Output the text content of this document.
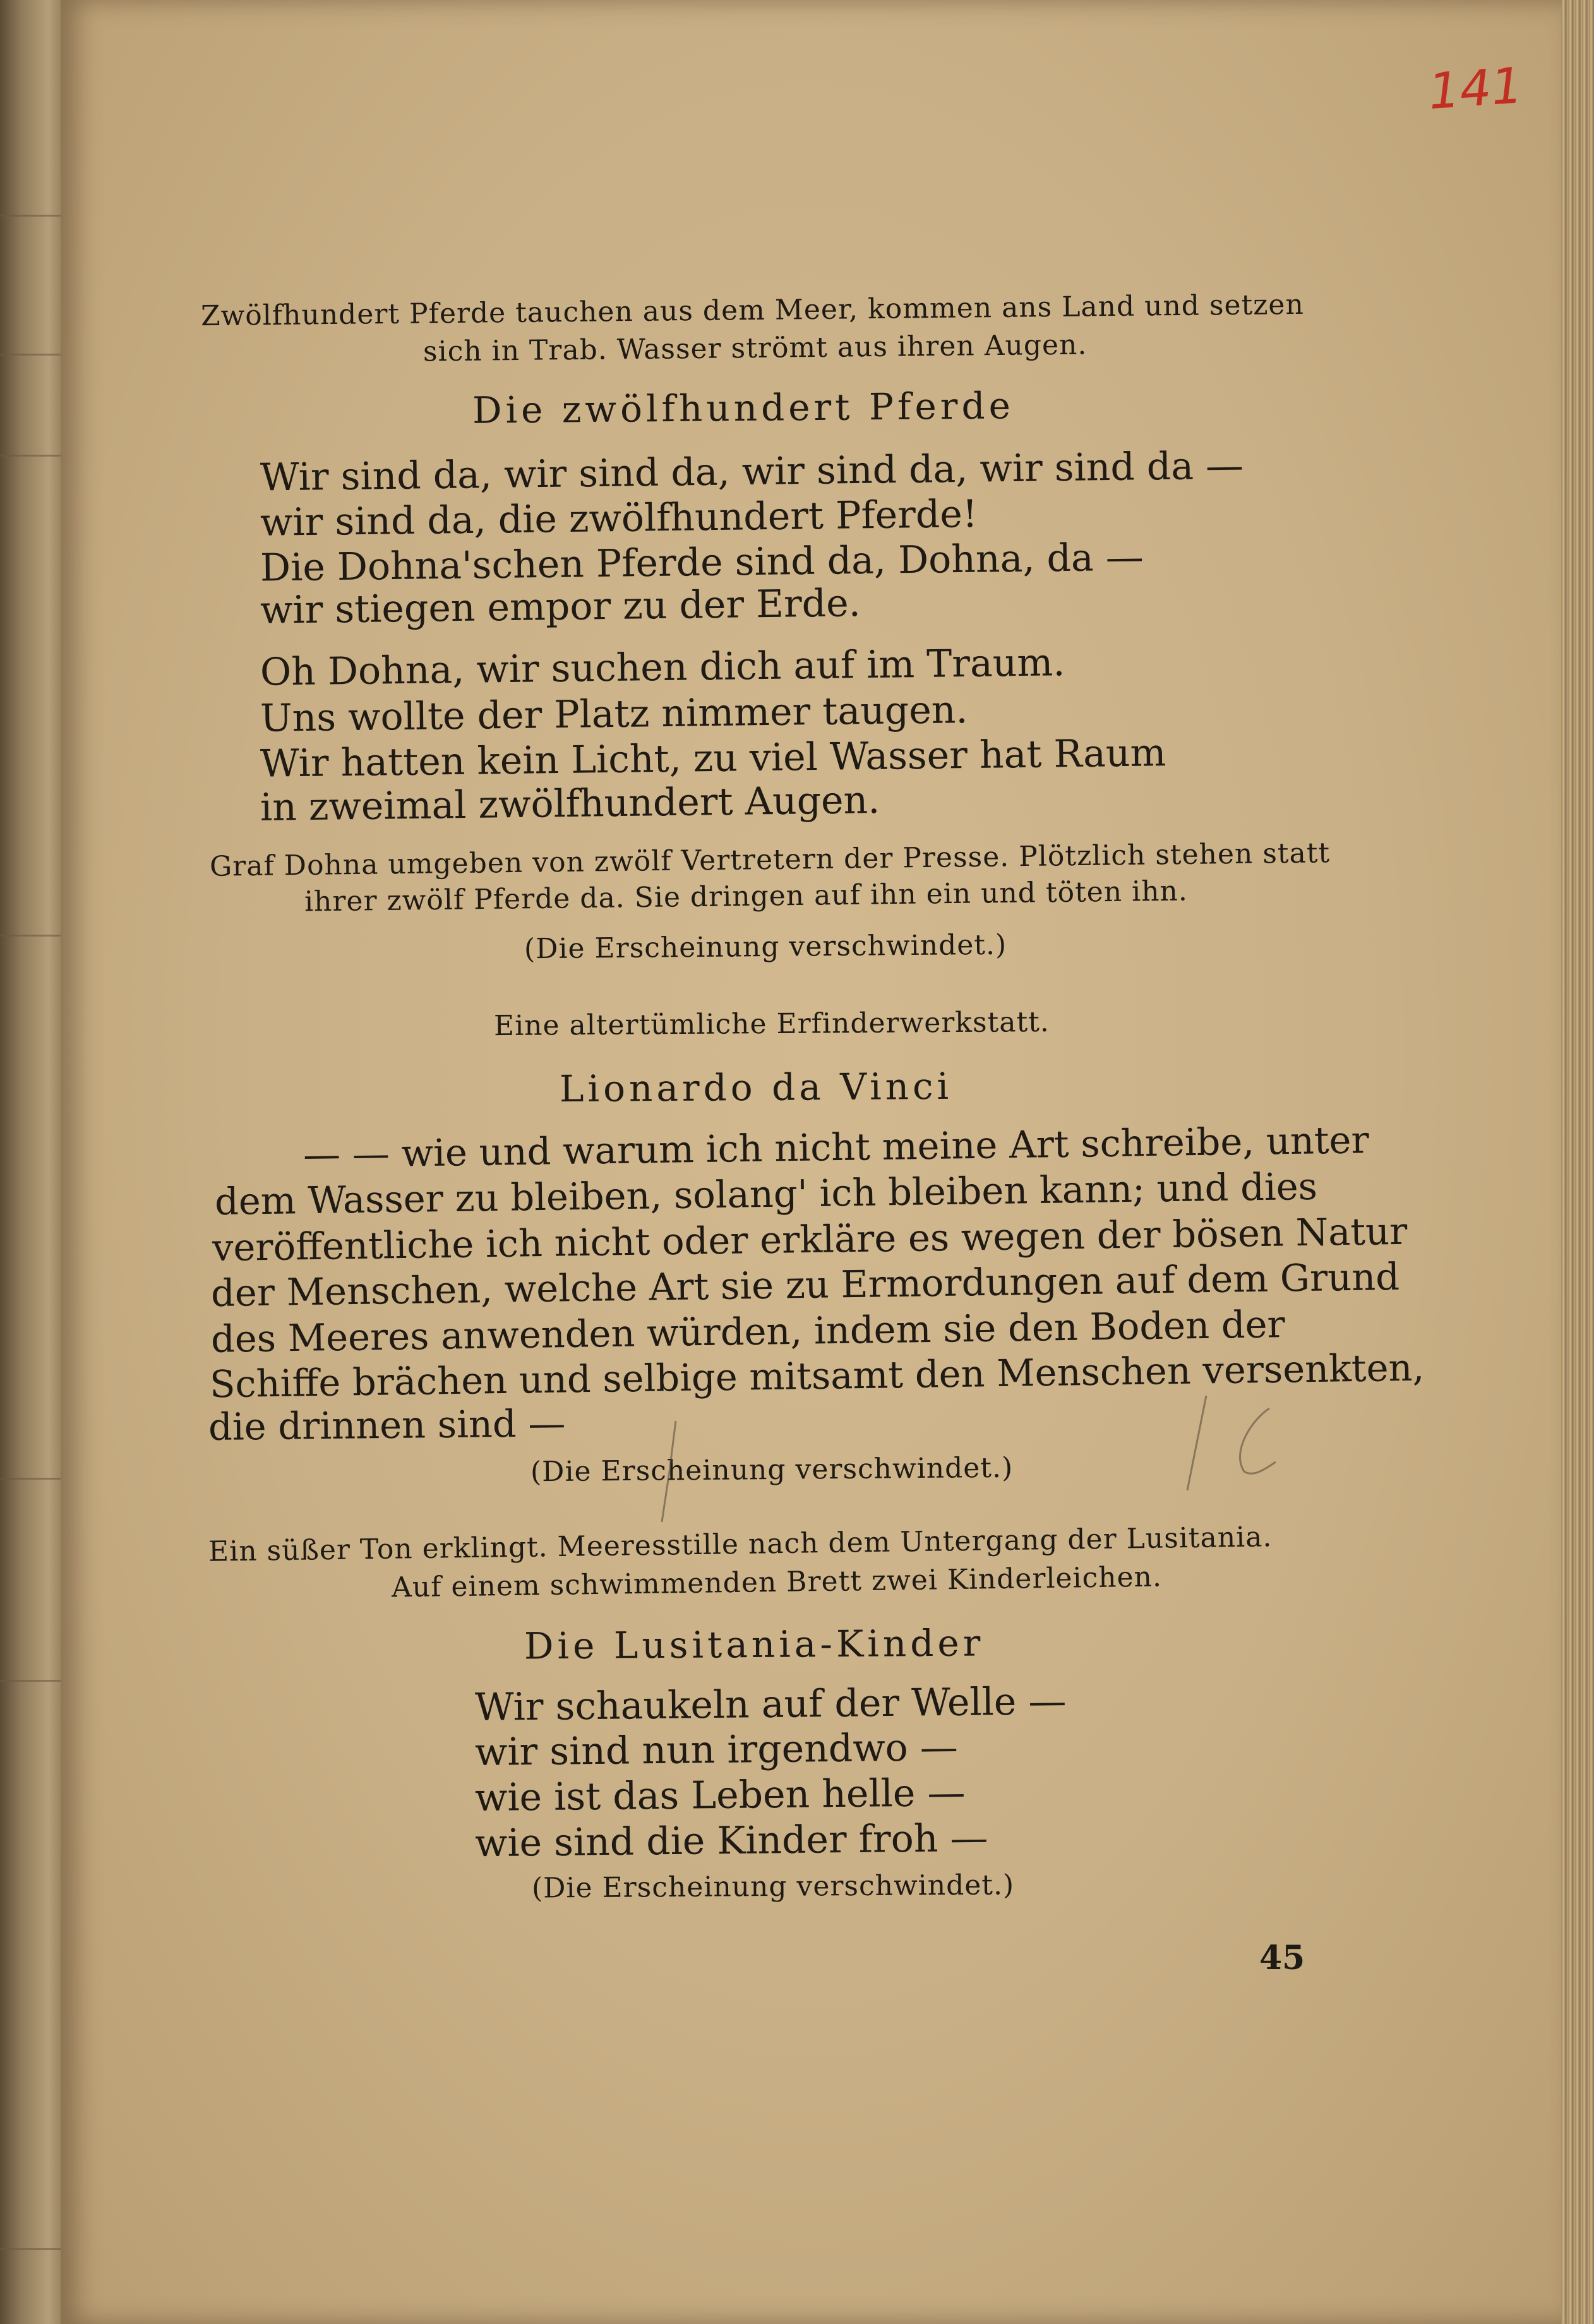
141
Zwölfhundert Pferde tauchen aus dem Meer, kommen ans Land und setzen
sich in Trab. Wasser strömt aus ihren Augen.
Die zwölfhundert Pferde
Wir sind da, wir sind da, wir sind da, wir sind da —
wir sind da, die zwölfhundert Pferde!
Die Dohna'schen Pferde sind da, Dohna, da —
wir stiegen empor zu der Erde.
Oh Dohna, wir suchen dich auf im Traum.
Uns wollte der Platz nimmer taugen.
Wir hatten kein Licht, zu viel Wasser hat Raum
in zweimal zwölfhundert Augen.
Graf Dohna umgeben von zwölf Vertretern der Presse. Plötzlich stehen statt
ihrer zwölf Pferde da. Sie dringen auf ihn ein und töten ihn.
(Die Erscheinung verschwindet.)
Eine altertümliche Erfinderwerkstatt.
Lionardo da Vinci
— — wie und warum ich nicht meine Art schreibe, unter
dem Wasser zu bleiben, solang' ich bleiben kann; und dies
veröffentliche ich nicht oder erkläre es wegen der bösen Natur
der Menschen, welche Art sie zu Ermordungen auf dem Grund
des Meeres anwenden würden, indem sie den Boden der
Schiffe brächen und selbige mitsamt den Menschen versenkten,
die drinnen sind —
(Die Erscheinung verschwindet.)
Ein süßer Ton erklingt. Meeresstille nach dem Untergang der Lusitania.
Auf einem schwimmenden Brett zwei Kinderleichen.
Die Lusitania-Kinder
Wir schaukeln auf der Welle —
wir sind nun irgendwo —
wie ist das Leben helle —
wie sind die Kinder froh —
(Die Erscheinung verschwindet.)
45
